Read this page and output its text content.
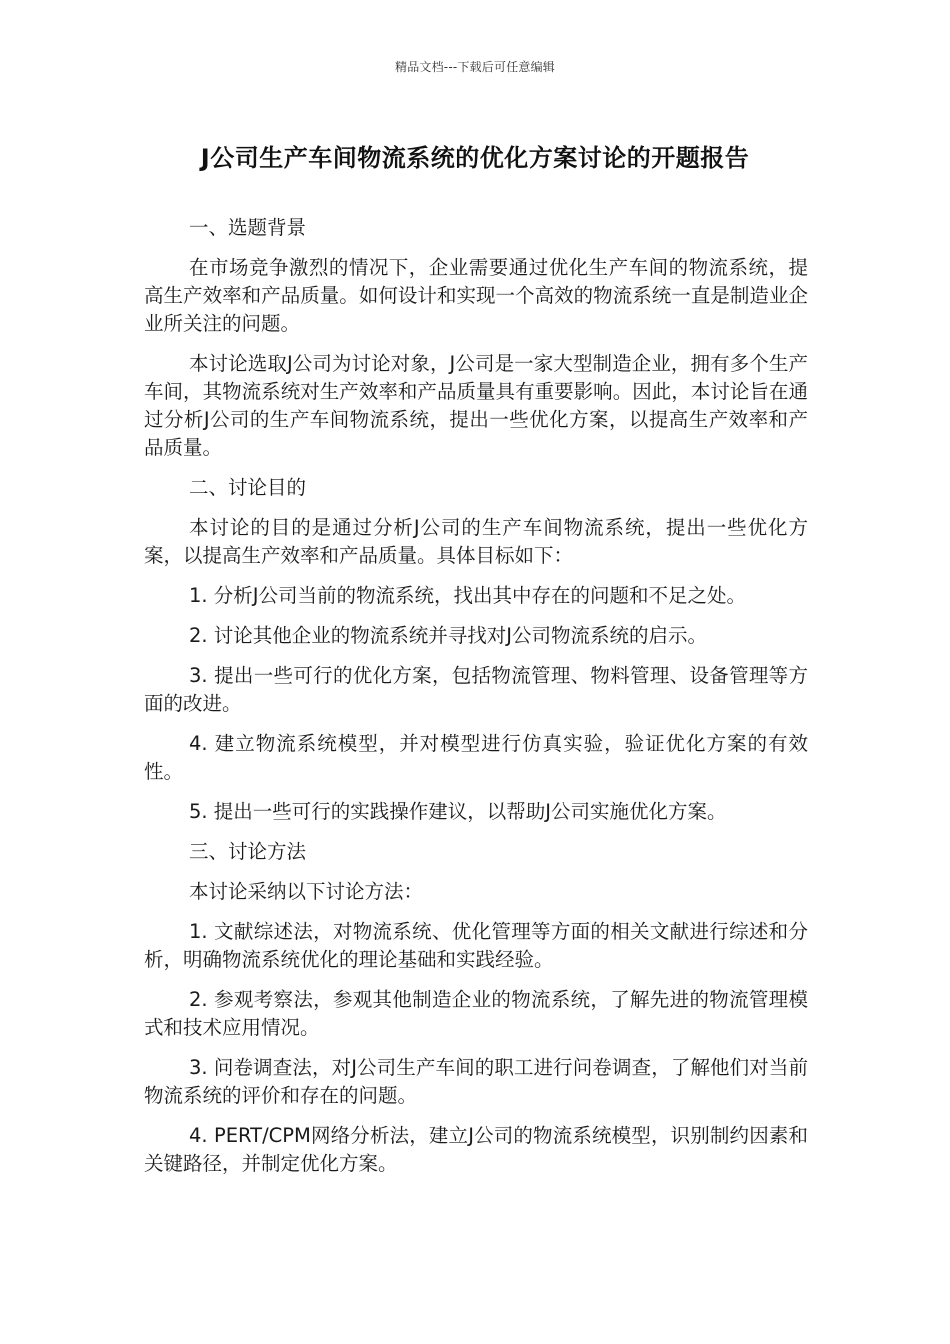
精品文档---下载后可任意编辑
J公司生产车间物流系统的优化方案讨论的开题报告

一、选题背景

在市场竞争激烈的情况下，企业需要通过优化生产车间的物流系统，提高生产效率和产品质量。如何设计和实现一个高效的物流系统一直是制造业企业所关注的问题。

本讨论选取J公司为讨论对象，J公司是一家大型制造企业，拥有多个生产车间，其物流系统对生产效率和产品质量具有重要影响。因此，本讨论旨在通过分析J公司的生产车间物流系统，提出一些优化方案，以提高生产效率和产品质量。

二、讨论目的

本讨论的目的是通过分析J公司的生产车间物流系统，提出一些优化方案，以提高生产效率和产品质量。具体目标如下：

1. 分析J公司当前的物流系统，找出其中存在的问题和不足之处。

2. 讨论其他企业的物流系统并寻找对J公司物流系统的启示。

3. 提出一些可行的优化方案，包括物流管理、物料管理、设备管理等方面的改进。

4. 建立物流系统模型，并对模型进行仿真实验，验证优化方案的有效性。

5. 提出一些可行的实践操作建议，以帮助J公司实施优化方案。

三、讨论方法

本讨论采纳以下讨论方法：

1. 文献综述法，对物流系统、优化管理等方面的相关文献进行综述和分析，明确物流系统优化的理论基础和实践经验。

2. 参观考察法，参观其他制造企业的物流系统，了解先进的物流管理模式和技术应用情况。

3. 问卷调查法，对J公司生产车间的职工进行问卷调查，了解他们对当前物流系统的评价和存在的问题。

4. PERT/CPM网络分析法，建立J公司的物流系统模型，识别制约因素和关键路径，并制定优化方案。
